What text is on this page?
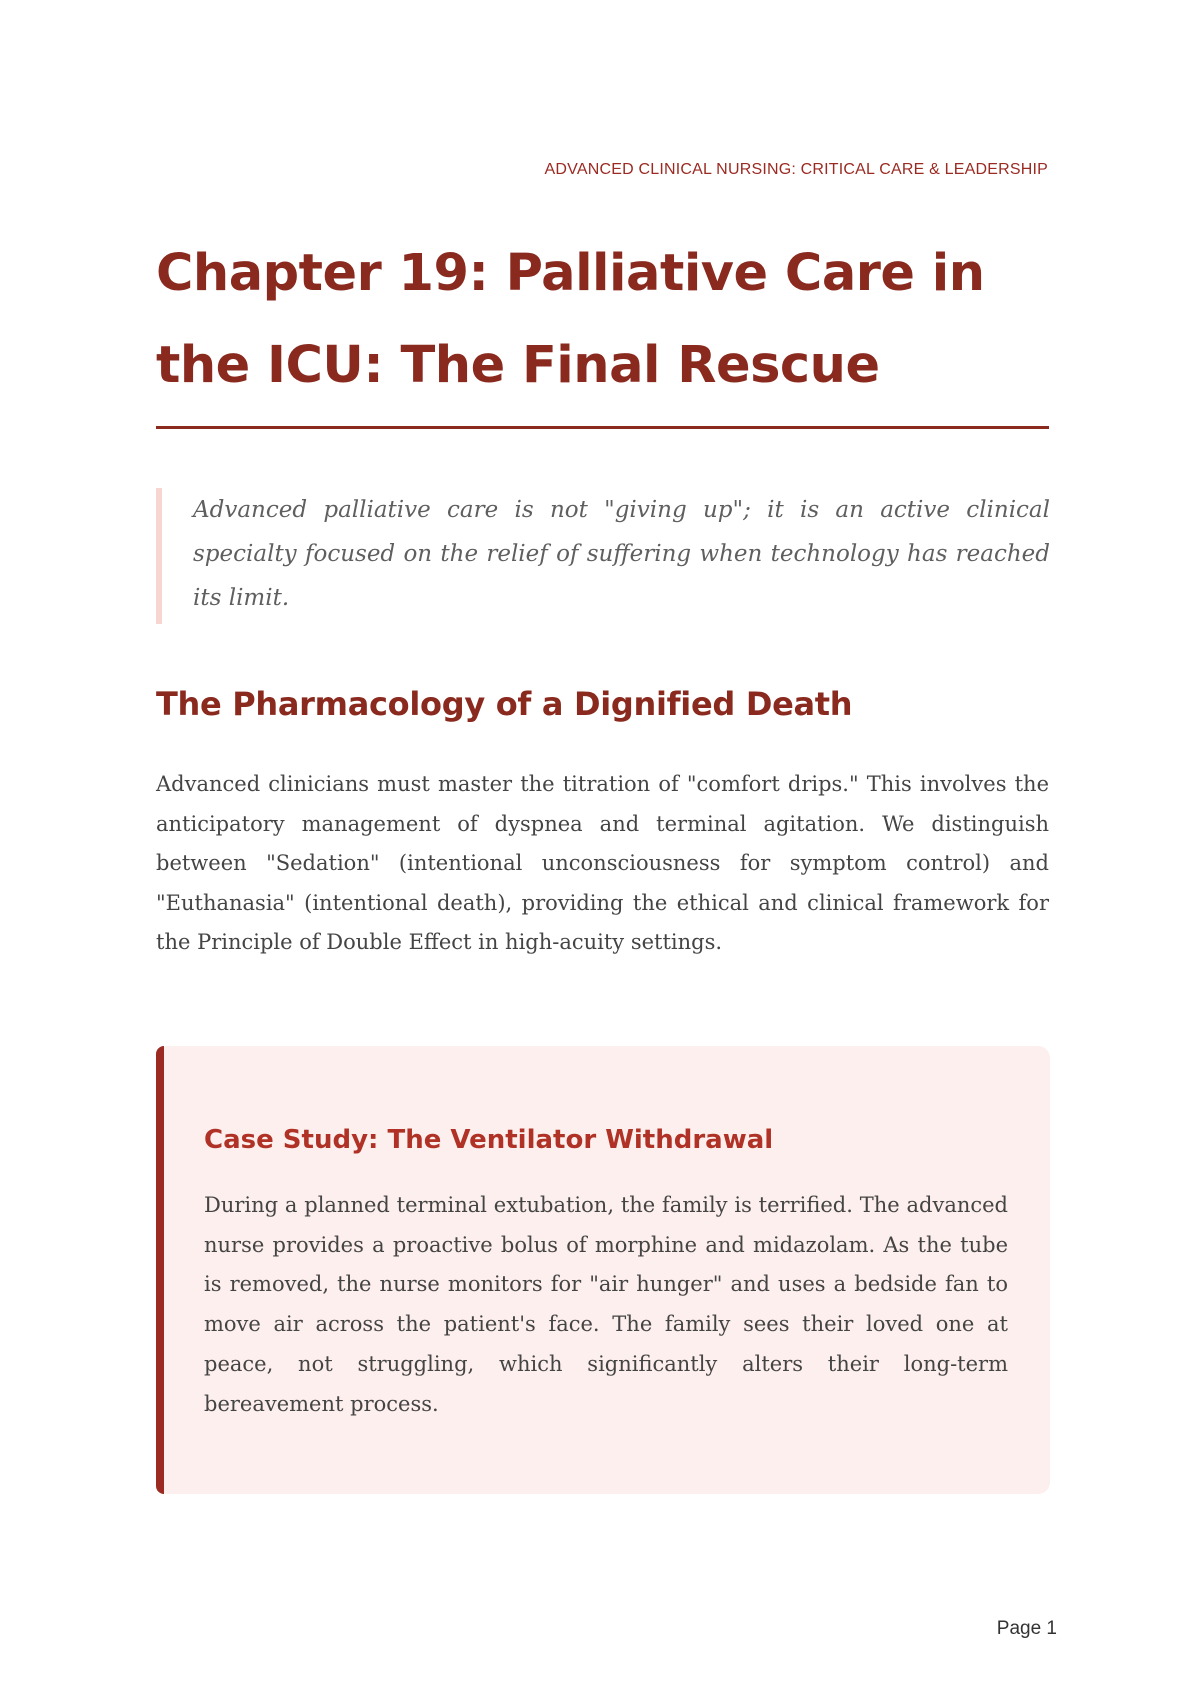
ADVANCED CLINICAL NURSING: CRITICAL CARE & LEADERSHIP
Chapter 19: Palliative Care in the ICU: The Final Rescue

Advanced palliative care is not "giving up"; it is an active clinical specialty focused on the relief of suffering when technology has reached its limit.

The Pharmacology of a Dignified Death

Advanced clinicians must master the titration of "comfort drips." This involves the anticipatory management of dyspnea and terminal agitation. We distinguish between "Sedation" (intentional unconsciousness for symptom control) and "Euthanasia" (intentional death), providing the ethical and clinical framework for the Principle of Double Effect in high-acuity settings.

Case Study: The Ventilator Withdrawal

During a planned terminal extubation, the family is terrified. The advanced nurse provides a proactive bolus of morphine and midazolam. As the tube is removed, the nurse monitors for "air hunger" and uses a bedside fan to move air across the patient's face. The family sees their loved one at peace, not struggling, which significantly alters their long-term bereavement process.

Page 1
